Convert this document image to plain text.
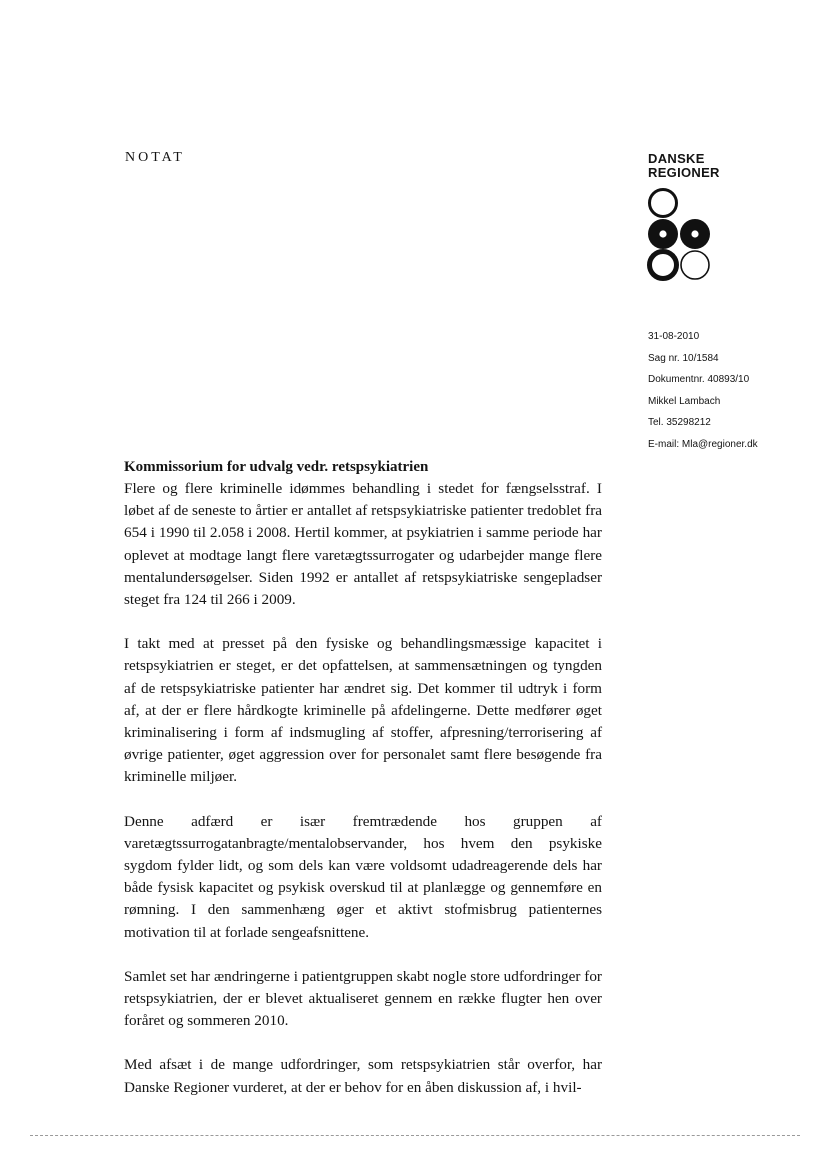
NOTAT	DANSKE
REGIONER
31-08-2010
Sag nr. 10/1584
Dokumentnr. 40893/10
Mikkel Lambach
Tel. 35298212
E-mail: Mla@regioner.dk
Kommissorium for udvalg vedr. retspsykiatrien

Flere og flere kriminelle idømmes behandling i stedet for fængselsstraf. I løbet af de seneste to årtier er antallet af retspsykiatriske patienter tredoblet fra 654 i 1990 til 2.058 i 2008. Hertil kommer, at psykiatrien i samme periode har oplevet at modtage langt flere varetægtssurrogater og udarbejder mange flere mentalundersøgelser. Siden 1992 er antallet af retspsykiatriske sengepladser steget fra 124 til 266 i 2009.

I takt med at presset på den fysiske og behandlingsmæssige kapacitet i retspsykiatrien er steget, er det opfattelsen, at sammensætningen og tyngden af de retspsykiatriske patienter har ændret sig. Det kommer til udtryk i form af, at der er flere hårdkogte kriminelle på afdelingerne. Dette medfører øget kriminalisering i form af indsmugling af stoffer, afpresning/terrorisering af øvrige patienter, øget aggression over for personalet samt flere besøgende fra kriminelle miljøer.

Denne adfærd er især fremtrædende hos gruppen af varetægtssurrogatanbragte/mentalobservander, hos hvem den psykiske sygdom fylder lidt, og som dels kan være voldsomt udadreagerende dels har både fysisk kapacitet og psykisk overskud til at planlægge og gennemføre en rømning. I den sammenhæng øger et aktivt stofmisbrug patienternes motivation til at forlade sengeafsnittene.

Samlet set har ændringerne i patientgruppen skabt nogle store udfordringer for retspsykiatrien, der er blevet aktualiseret gennem en række flugter hen over foråret og sommeren 2010.

Med afsæt i de mange udfordringer, som retspsykiatrien står overfor, har Danske Regioner vurderet, at der er behov for en åben diskussion af, i hvil-
